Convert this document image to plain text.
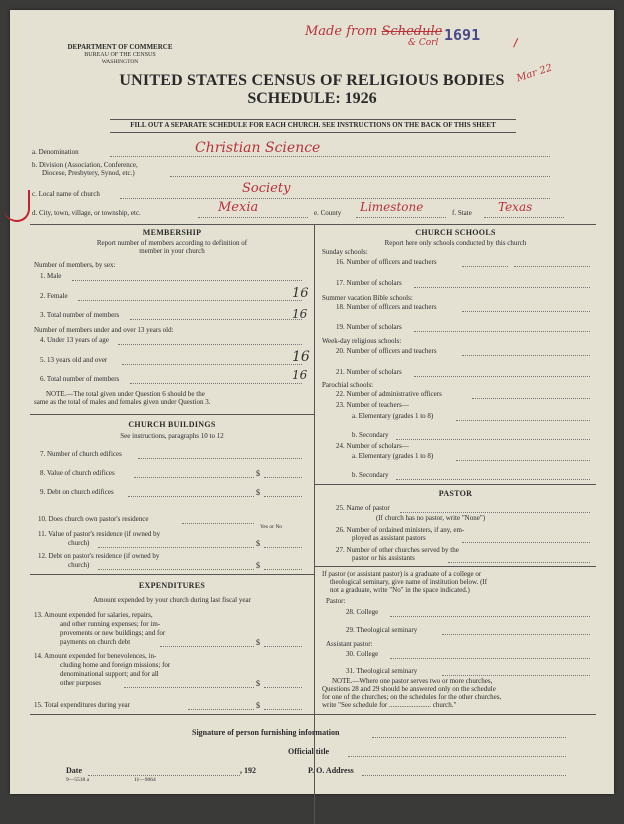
DEPARTMENT OF COMMERCE
BUREAU OF THE CENSUS
WASHINGTON
Made from Schedule
& Corl 1691
Mar 22
UNITED STATES CENSUS OF RELIGIOUS BODIES
SCHEDULE: 1926
FILL OUT A SEPARATE SCHEDULE FOR EACH CHURCH. SEE INSTRUCTIONS ON THE BACK OF THIS SHEET
a. Denomination	Christian Science
b. Division (Association, Conference,
Diocese, Presbytery, Synod, etc.)
c. Local name of church	Society
d. City, town, village, or township, etc.	Mexia	e. County Limestone	f. State Texas
MEMBERSHIP
Report number of members according to definition of
member in your church
Number of members, by sex:
1. Male
2. Female	16
3. Total number of members	16
Number of members under and over 13 years old:
4. Under 13 years of age
5. 13 years old and over	16
6. Total number of members	16
NOTE.—The total given under Question 6 should be the
same as the total of males and females given under Question 3.
CHURCH BUILDINGS
See instructions, paragraphs 10 to 12
7. Number of church edifices
8. Value of church edifices	$
9. Debt on church edifices	$
10. Does church own pastor's residence
Yes or No
11. Value of pastor's residence (if owned by
church)	$
12. Debt on pastor's residence (if owned by
church)	$
EXPENDITURES
Amount expended by your church during last fiscal year
13. Amount expended for salaries, repairs,
and other running expenses; for im-
provements or new buildings; and for
payments on church debt	$
14. Amount expended for benevolences, in-
cluding home and foreign missions; for
denominational support; and for all
other purposes	$
15. Total expenditures during year	$
CHURCH SCHOOLS
Report here only schools conducted by this church
Sunday schools:
16. Number of officers and teachers
17. Number of scholars
Summer vacation Bible schools:
18. Number of officers and teachers
19. Number of scholars
Week-day religious schools:
20. Number of officers and teachers
21. Number of scholars
Parochial schools:
22. Number of administrative officers
23. Number of teachers—
a. Elementary (grades 1 to 8)
b. Secondary
24. Number of scholars—
a. Elementary (grades 1 to 8)
b. Secondary
PASTOR
25. Name of pastor
(If church has no pastor, write "None")
26. Number of ordained ministers, if any, em-
ployed as assistant pastors
27. Number of other churches served by the
pastor or his assistants
If pastor (or assistant pastor) is a graduate of a college or
theological seminary, give name of institution below. (If
not a graduate, write "No" in the space indicated.)
Pastor:
28. College
29. Theological seminary
Assistant pastor:
30. College
31. Theological seminary
NOTE.—Where one pastor serves two or more churches,
Questions 28 and 29 should be answered only on the schedule
for one of the churches; on the schedules for the other churches,
write "See schedule for ........................ church."
Signature of person furnishing information
Official title
Date	, 192	P. O. Address
9—5518 a	11—9064
